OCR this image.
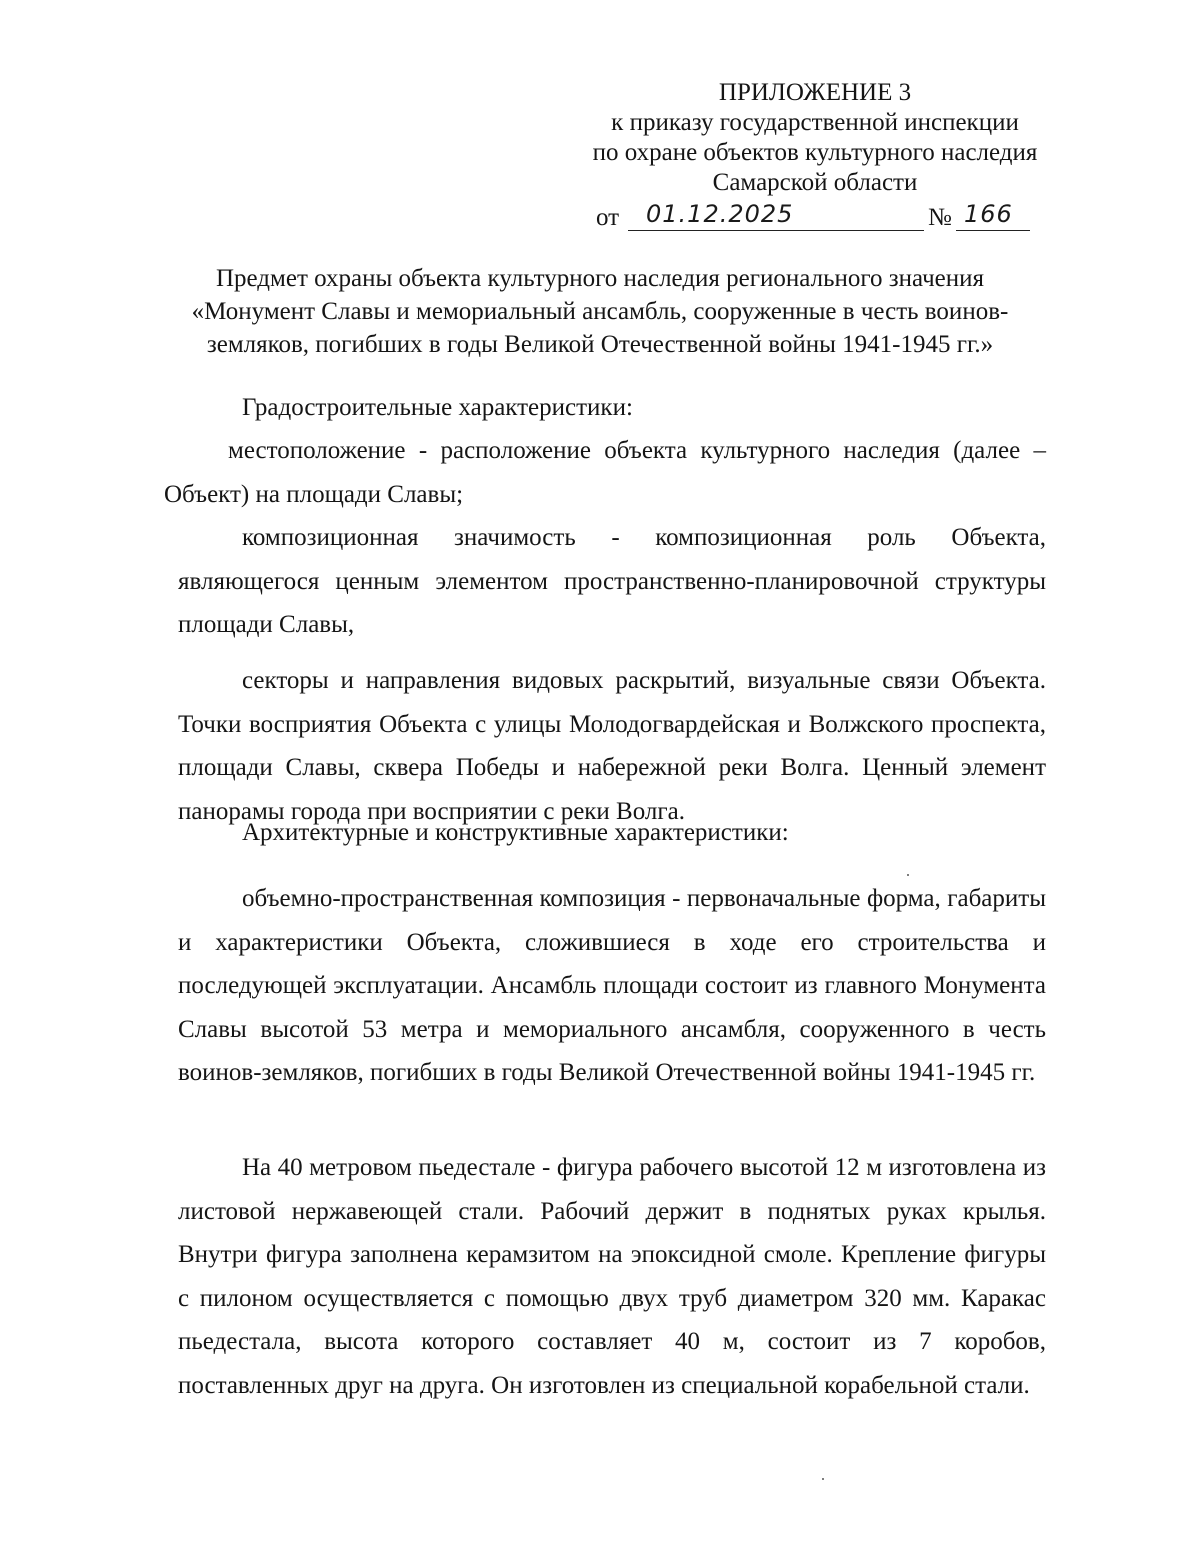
ПРИЛОЖЕНИЕ 3
к приказу государственной инспекции
по охране объектов культурного наследия
Самарской области
от 01.12.2025	№ 166
Предмет охраны объекта культурного наследия регионального значения
«Монумент Славы и мемориальный ансамбль, сооруженные в честь воинов-
земляков, погибших в годы Великой Отечественной войны 1941-1945 гг.»

Градостроительные характеристики:

местоположение - расположение объекта культурного наследия (далее – Объект) на площади Славы;

композиционная значимость - композиционная роль Объекта, являющегося ценным элементом пространственно-планировочной структуры площади Славы,

секторы и направления видовых раскрытий, визуальные связи Объекта. Точки восприятия Объекта с улицы Молодогвардейская и Волжского проспекта, площади Славы, сквера Победы и набережной реки Волга. Ценный элемент панорамы города при восприятии с реки Волга.

Архитектурные и конструктивные характеристики:

объемно-пространственная композиция - первоначальные форма, габариты и характеристики Объекта, сложившиеся в ходе его строительства и последующей эксплуатации. Ансамбль площади состоит из главного Монумента Славы высотой 53 метра и мемориального ансамбля, сооруженного в честь воинов-земляков, погибших в годы Великой Отечественной войны 1941-1945 гг.

На 40 метровом пьедестале - фигура рабочего высотой 12 м изготовлена из листовой нержавеющей стали. Рабочий держит в поднятых руках крылья. Внутри фигура заполнена керамзитом на эпоксидной смоле. Крепление фигуры с пилоном осуществляется с помощью двух труб диаметром 320 мм. Каракас пьедестала, высота которого составляет 40 м, состоит из 7 коробов, поставленных друг на друга. Он изготовлен из специальной корабельной стали.
